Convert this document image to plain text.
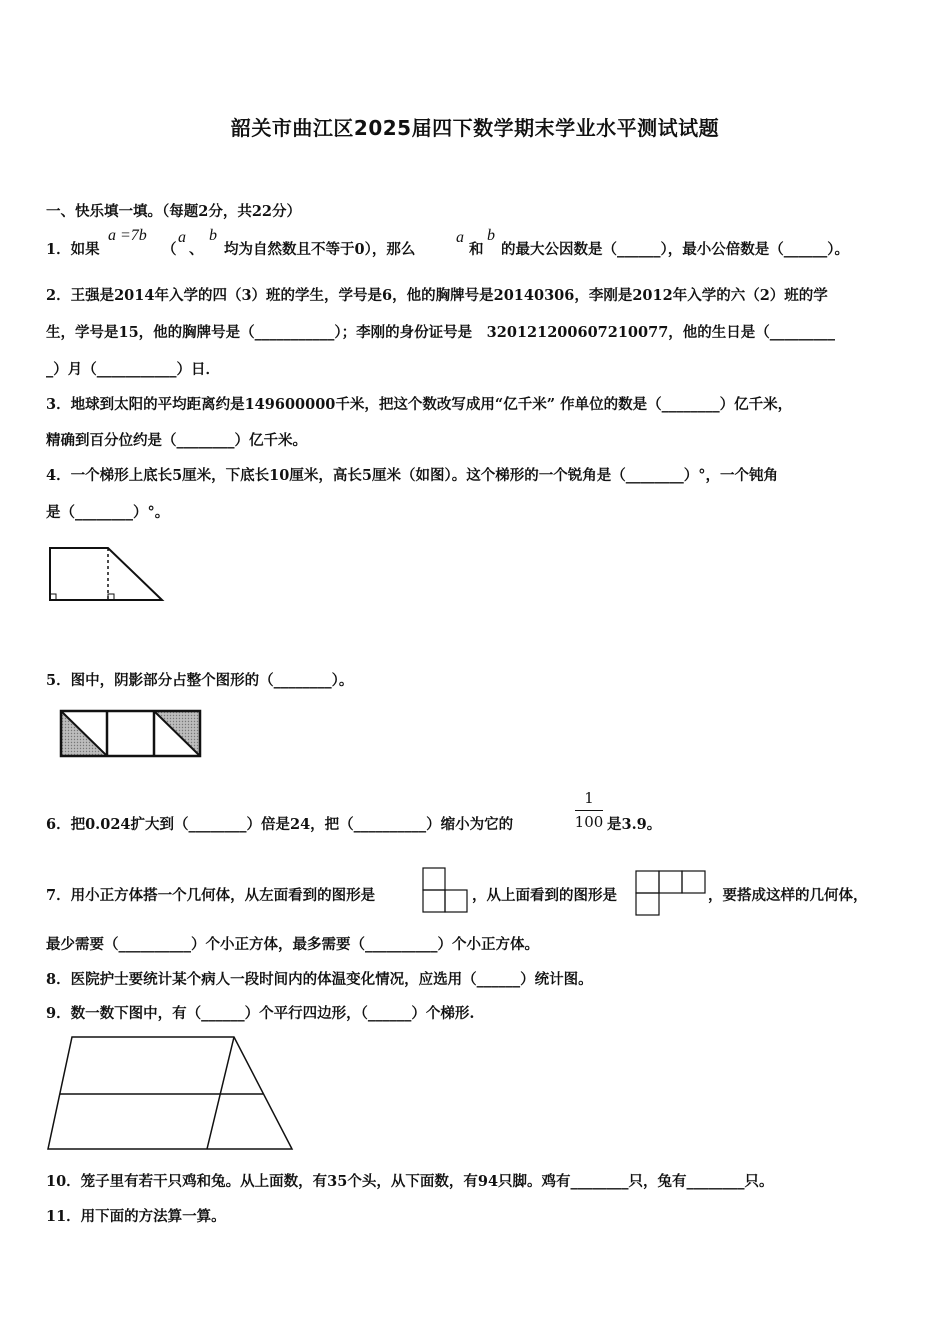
韶关市曲江区2025届四下数学期末学业水平测试试题
一、快乐填一填。（每题2分，共22分）
1．如果
a =7b
（
a
、
b
均为自然数且不等于0），那么
a
和
b
的最大公因数是（______），最小公倍数是（______）。
2．王强是2014年入学的四（3）班的学生，学号是6，他的胸牌号是20140306，李刚是2012年入学的六（2）班的学
生，学号是15，他的胸牌号是（___________）；李刚的身份证号是　320121200607210077，他的生日是（_________
_）月（___________）日．
3．地球到太阳的平均距离约是149600000千米，把这个数改写成用“亿千米” 作单位的数是（________）亿千米，
精确到百分位约是（________）亿千米。
4．一个梯形上底长5厘米，下底长10厘米，高长5厘米（如图）。这个梯形的一个锐角是（________）°，一个钝角
是（________）°。
5．图中，阴影部分占整个图形的（________）。
6．把0.024扩大到（________）倍是24，把（__________）缩小为它的
1
100 是3.9。
7．用小正方体搭一个几何体，从左面看到的图形是	，从上面看到的图形是	，要搭成这样的几何体，
最少需要（__________）个小正方体，最多需要（__________）个小正方体。
8．医院护士要统计某个病人一段时间内的体温变化情况，应选用（______）统计图。
9．数一数下图中，有（______）个平行四边形，（______）个梯形.
10．笼子里有若干只鸡和兔。从上面数，有35个头，从下面数，有94只脚。鸡有________只，兔有________只。
11．用下面的方法算一算。
